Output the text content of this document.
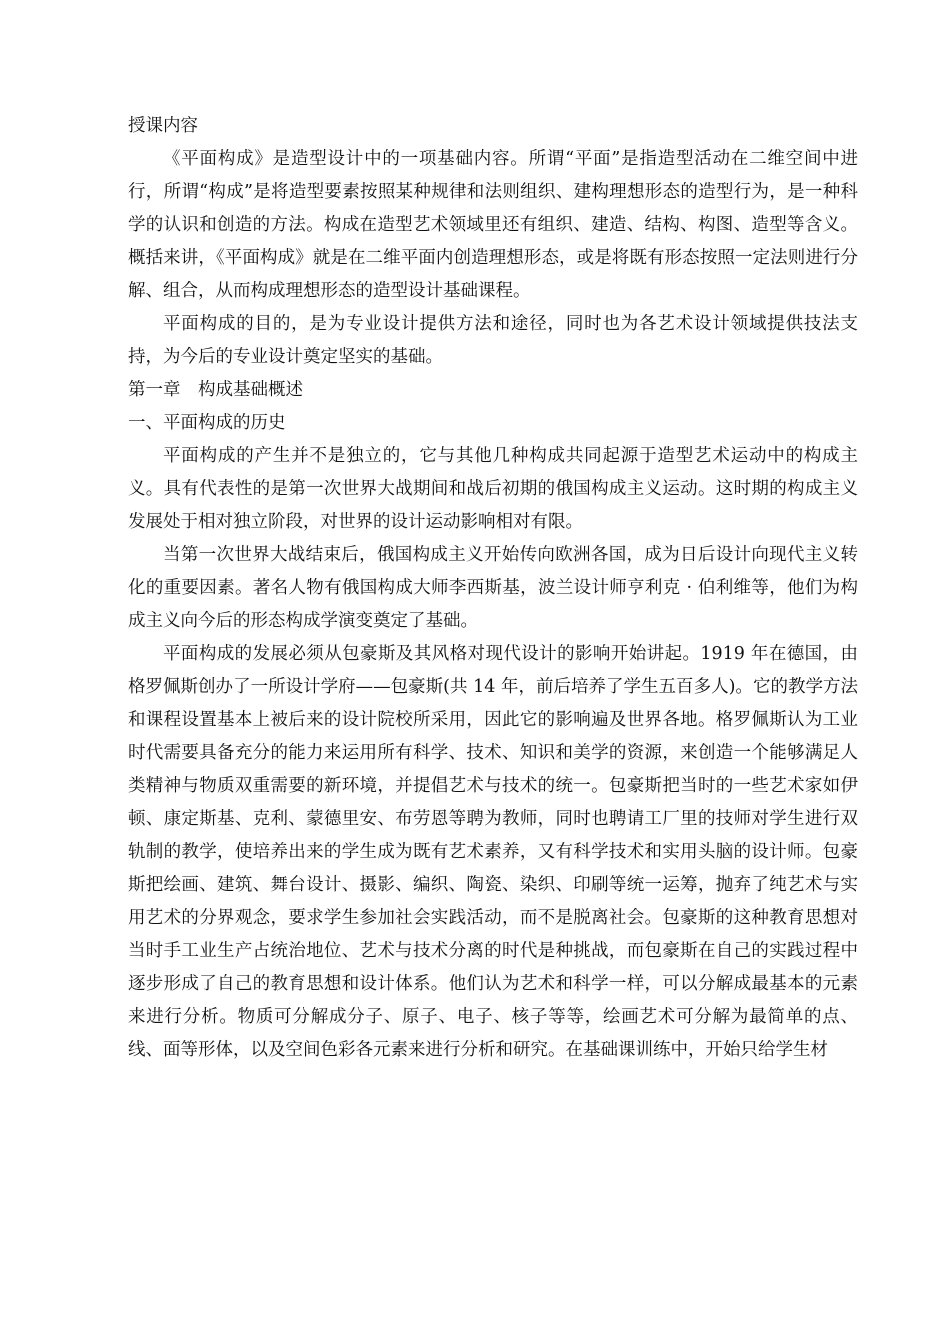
授课内容

《平面构成》是造型设计中的一项基础内容。所谓“平面”是指造型活动在二维空间中进行，所谓“构成”是将造型要素按照某种规律和法则组织、建构理想形态的造型行为，是一种科学的认识和创造的方法。构成在造型艺术领域里还有组织、建造、结构、构图、造型等含义。概括来讲，《平面构成》就是在二维平面内创造理想形态，或是将既有形态按照一定法则进行分解、组合，从而构成理想形态的造型设计基础课程。

平面构成的目的，是为专业设计提供方法和途径，同时也为各艺术设计领域提供技法支持，为今后的专业设计奠定坚实的基础。

第一章　构成基础概述

一、平面构成的历史

平面构成的产生并不是独立的，它与其他几种构成共同起源于造型艺术运动中的构成主义。具有代表性的是第一次世界大战期间和战后初期的俄国构成主义运动。这时期的构成主义发展处于相对独立阶段，对世界的设计运动影响相对有限。

当第一次世界大战结束后，俄国构成主义开始传向欧洲各国，成为日后设计向现代主义转化的重要因素。著名人物有俄国构成大师李西斯基，波兰设计师亨利克 · 伯利维等，他们为构成主义向今后的形态构成学演变奠定了基础。

平面构成的发展必须从包豪斯及其风格对现代设计的影响开始讲起。1919 年在德国，由格罗佩斯创办了一所设计学府——包豪斯(共 14 年，前后培养了学生五百多人)。它的教学方法和课程设置基本上被后来的设计院校所采用，因此它的影响遍及世界各地。格罗佩斯认为工业时代需要具备充分的能力来运用所有科学、技术、知识和美学的资源，来创造一个能够满足人类精神与物质双重需要的新环境，并提倡艺术与技术的统一。包豪斯把当时的一些艺术家如伊顿、康定斯基、克利、蒙德里安、布劳恩等聘为教师，同时也聘请工厂里的技师对学生进行双轨制的教学，使培养出来的学生成为既有艺术素养，又有科学技术和实用头脑的设计师。包豪斯把绘画、建筑、舞台设计、摄影、编织、陶瓷、染织、印刷等统一运筹，抛弃了纯艺术与实用艺术的分界观念，要求学生参加社会实践活动，而不是脱离社会。包豪斯的这种教育思想对当时手工业生产占统治地位、艺术与技术分离的时代是种挑战，而包豪斯在自己的实践过程中逐步形成了自己的教育思想和设计体系。他们认为艺术和科学一样，可以分解成最基本的元素来进行分析。物质可分解成分子、原子、电子、核子等等，绘画艺术可分解为最简单的点、线、面等形体，以及空间色彩各元素来进行分析和研究。在基础课训练中，开始只给学生材
